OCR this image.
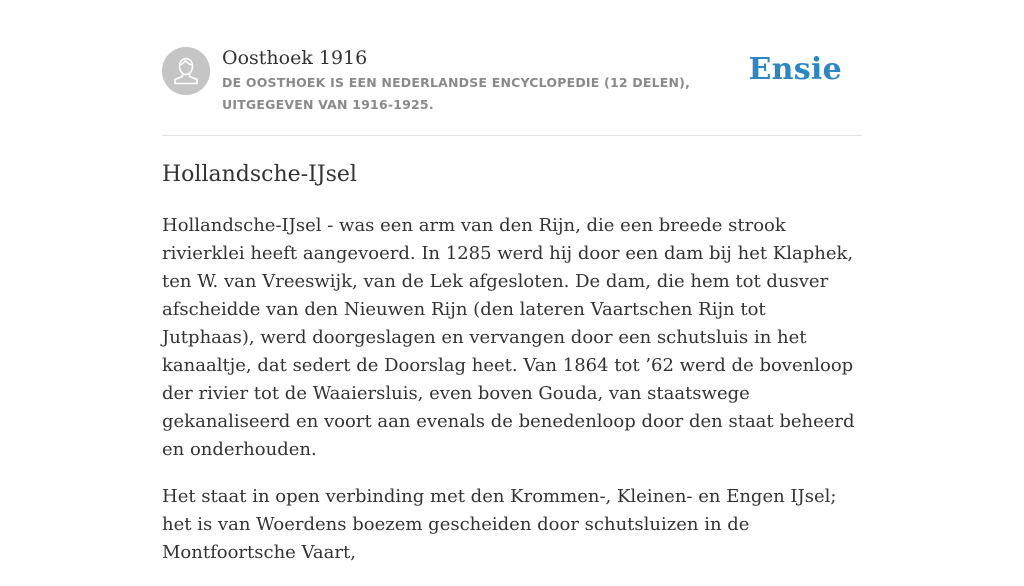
Oosthoek 1916
DE OOSTHOEK IS EEN NEDERLANDSE ENCYCLOPEDIE (12 DELEN), UITGEGEVEN VAN 1916-1925.
Ensie
Hollandsche-IJsel

Hollandsche-IJsel - was een arm van den Rijn, die een breede strook rivierklei heeft aangevoerd. In 1285 werd hij door een dam bij het Klaphek, ten W. van Vreeswijk, van de Lek afgesloten. De dam, die hem tot dusver afscheidde van den Nieuwen Rijn (den lateren Vaartschen Rijn tot Jutphaas), werd doorgeslagen en vervangen door een schutsluis in het kanaaltje, dat sedert de Doorslag heet. Van 1864 tot ’62 werd de bovenloop der rivier tot de Waaiersluis, even boven Gouda, van staatswege gekanaliseerd en voort aan evenals de benedenloop door den staat beheerd en onderhouden.

Het staat in open verbinding met den Krommen-, Kleinen- en Engen IJsel; het is van Woerdens boezem gescheiden door schutsluizen in de Montfoortsche Vaart,
